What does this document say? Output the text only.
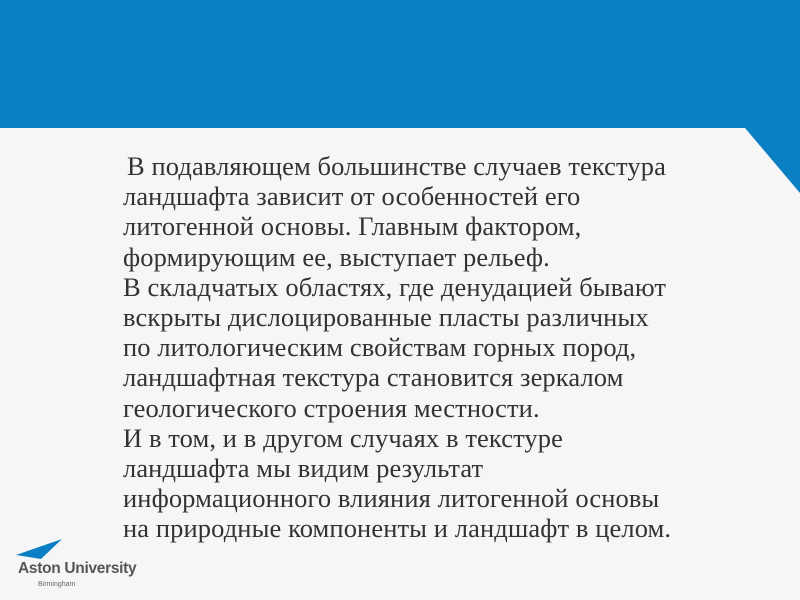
В подавляющем большинстве случаев текстура
ландшафта зависит от особенностей его
литогенной основы. Главным фактором,
формирующим ее, выступает рельеф.
В складчатых областях, где денудацией бывают
вскрыты дислоцированные пласты различных
по литологическим свойствам горных пород,
ландшафтная текстура становится зеркалом
геологического строения местности.
И в том, и в другом случаях в текстуре
ландшафта мы видим результат
информационного влияния литогенной основы
на природные компоненты и ландшафт в целом.
Aston University
Birmingham
